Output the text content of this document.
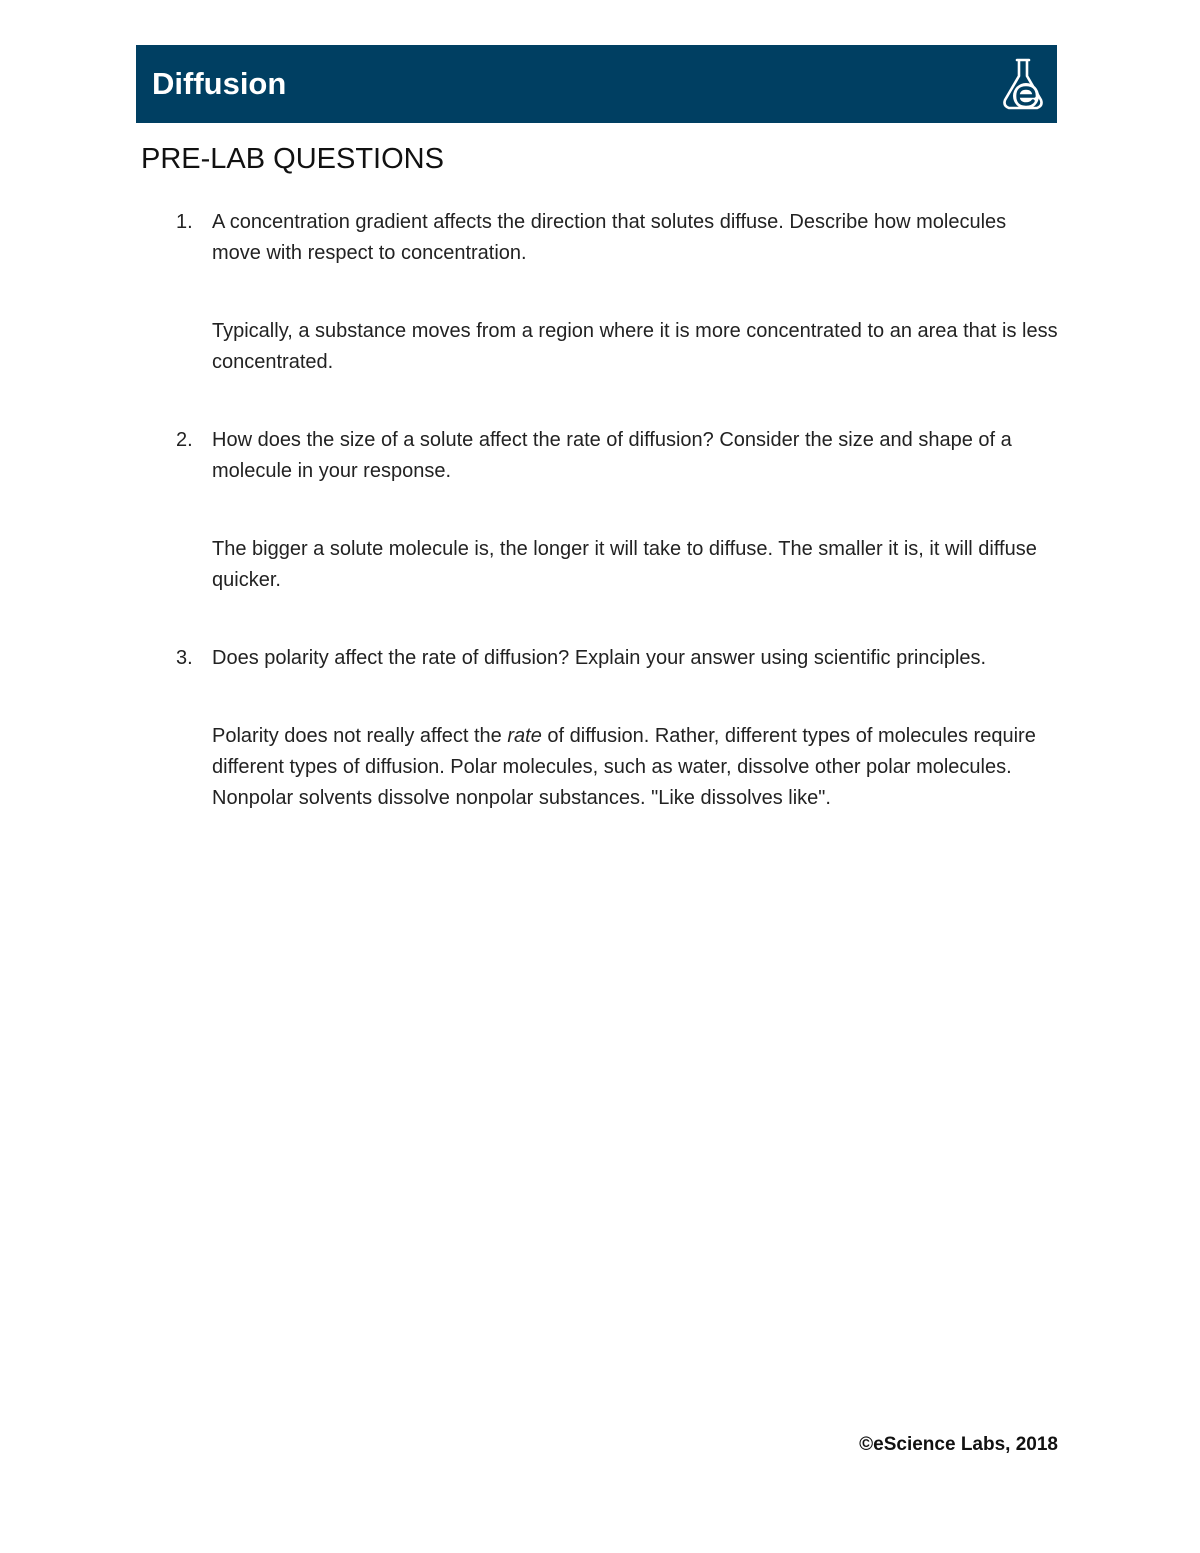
Diffusion
PRE-LAB QUESTIONS
1. A concentration gradient affects the direction that solutes diffuse. Describe how molecules move with respect to concentration.
Typically, a substance moves from a region where it is more concentrated to an area that is less concentrated.
2. How does the size of a solute affect the rate of diffusion? Consider the size and shape of a molecule in your response.
The bigger a solute molecule is, the longer it will take to diffuse. The smaller it is, it will diffuse quicker.
3. Does polarity affect the rate of diffusion? Explain your answer using scientific principles.
Polarity does not really affect the rate of diffusion. Rather, different types of molecules require different types of diffusion. Polar molecules, such as water, dissolve other polar molecules. Nonpolar solvents dissolve nonpolar substances. "Like dissolves like".
©eScience Labs, 2018
